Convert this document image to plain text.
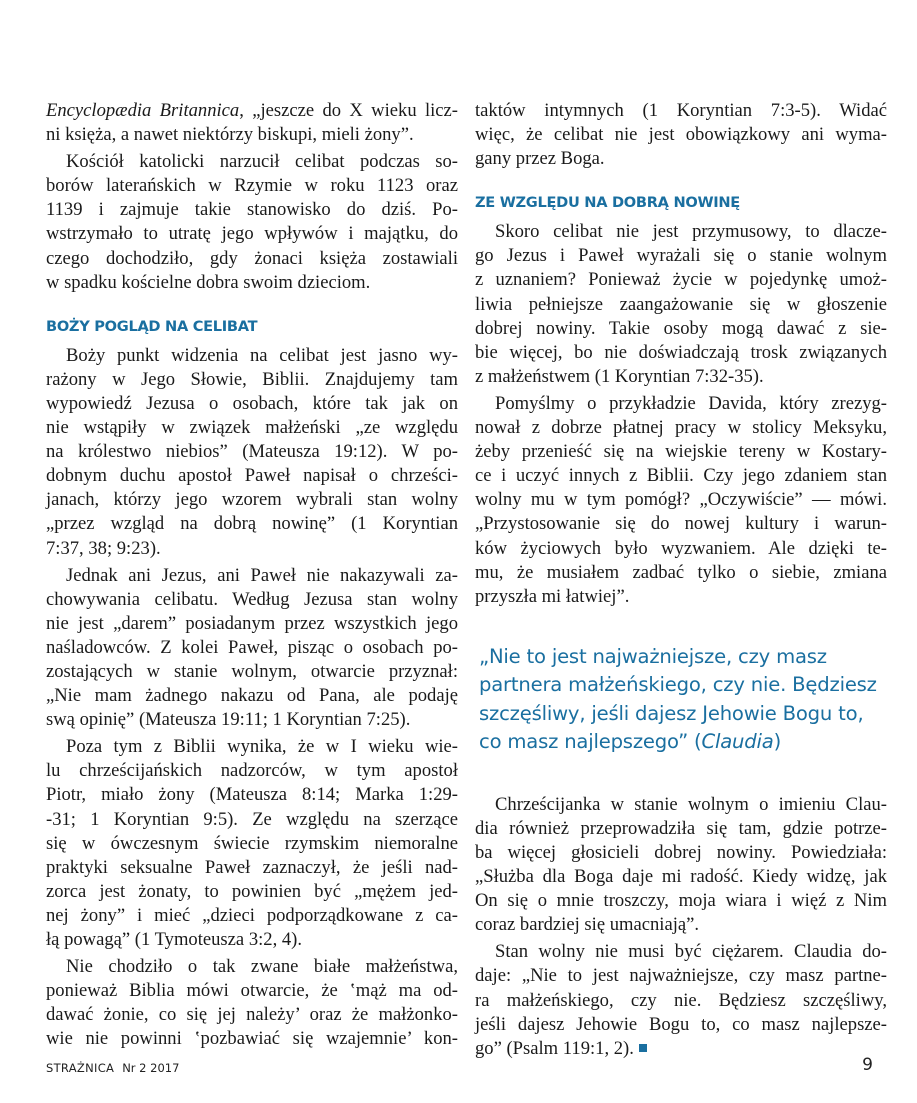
Encyclopædia Britannica, „jeszcze do X wieku licz-
ni księża, a nawet niektórzy biskupi, mieli żony”.

Kościół katolicki narzucił celibat podczas so-
borów laterańskich w Rzymie w roku 1123 oraz
1139 i zajmuje takie stanowisko do dziś. Po-
wstrzymało to utratę jego wpływów i majątku, do
czego dochodziło, gdy żonaci księża zostawiali
w spadku kościelne dobra swoim dzieciom.

BOŻY POGLĄD NA CELIBAT

Boży punkt widzenia na celibat jest jasno wy-
rażony w Jego Słowie, Biblii. Znajdujemy tam
wypowiedź Jezusa o osobach, które tak jak on
nie wstąpiły w związek małżeński „ze względu
na królestwo niebios” (Mateusza 19:12). W po-
dobnym duchu apostoł Paweł napisał o chrześci-
janach, którzy jego wzorem wybrali stan wolny
„przez wzgląd na dobrą nowinę” (1 Koryntian
7:37, 38; 9:23).

Jednak ani Jezus, ani Paweł nie nakazywali za-
chowywania celibatu. Według Jezusa stan wolny
nie jest „darem” posiadanym przez wszystkich jego
naśladowców. Z kolei Paweł, pisząc o osobach po-
zostających w stanie wolnym, otwarcie przyznał:
„Nie mam żadnego nakazu od Pana, ale podaję
swą opinię” (Mateusza 19:11; 1 Koryntian 7:25).

Poza tym z Biblii wynika, że w I wieku wie-
lu chrześcijańskich nadzorców, w tym apostoł
Piotr, miało żony (Mateusza 8:14; Marka 1:29-
-31; 1 Koryntian 9:5). Ze względu na szerzące
się w ówczesnym świecie rzymskim niemoralne
praktyki seksualne Paweł zaznaczył, że jeśli nad-
zorca jest żonaty, to powinien być „mężem jed-
nej żony” i mieć „dzieci podporządkowane z ca-
łą powagą” (1 Tymoteusza 3:2, 4).

Nie chodziło o tak zwane białe małżeństwa,
ponieważ Biblia mówi otwarcie, że ‛mąż ma od-
dawać żonie, co się jej należy’ oraz że małżonko-
wie nie powinni ‛pozbawiać się wzajemnie’ kon-

taktów intymnych (1 Koryntian 7:3-5). Widać
więc, że celibat nie jest obowiązkowy ani wyma-
gany przez Boga.

ZE WZGLĘDU NA DOBRĄ NOWINĘ

Skoro celibat nie jest przymusowy, to dlacze-
go Jezus i Paweł wyrażali się o stanie wolnym
z uznaniem? Ponieważ życie w pojedynkę umoż-
liwia pełniejsze zaangażowanie się w głoszenie
dobrej nowiny. Takie osoby mogą dawać z sie-
bie więcej, bo nie doświadczają trosk związanych
z małżeństwem (1 Koryntian 7:32-35).

Pomyślmy o przykładzie Davida, który zrezyg-
nował z dobrze płatnej pracy w stolicy Meksyku,
żeby przenieść się na wiejskie tereny w Kostary-
ce i uczyć innych z Biblii. Czy jego zdaniem stan
wolny mu w tym pomógł? „Oczywiście” — mówi.
„Przystosowanie się do nowej kultury i warun-
ków życiowych było wyzwaniem. Ale dzięki te-
mu, że musiałem zadbać tylko o siebie, zmiana
przyszła mi łatwiej”.

„Nie to jest najważniejsze, czy masz
partnera małżeńskiego, czy nie. Będziesz
szczęśliwy, jeśli dajesz Jehowie Bogu to,
co masz najlepszego” (Claudia)

Chrześcijanka w stanie wolnym o imieniu Clau-
dia również przeprowadziła się tam, gdzie potrze-
ba więcej głosicieli dobrej nowiny. Powiedziała:
„Służba dla Boga daje mi radość. Kiedy widzę, jak
On się o mnie troszczy, moja wiara i więź z Nim
coraz bardziej się umacniają”.

Stan wolny nie musi być ciężarem. Claudia do-
daje: „Nie to jest najważniejsze, czy masz partne-
ra małżeńskiego, czy nie. Będziesz szczęśliwy,
jeśli dajesz Jehowie Bogu to, co masz najlepsze-
go” (Psalm 119:1, 2).

STRAŻNICA Nr 2 2017	9
